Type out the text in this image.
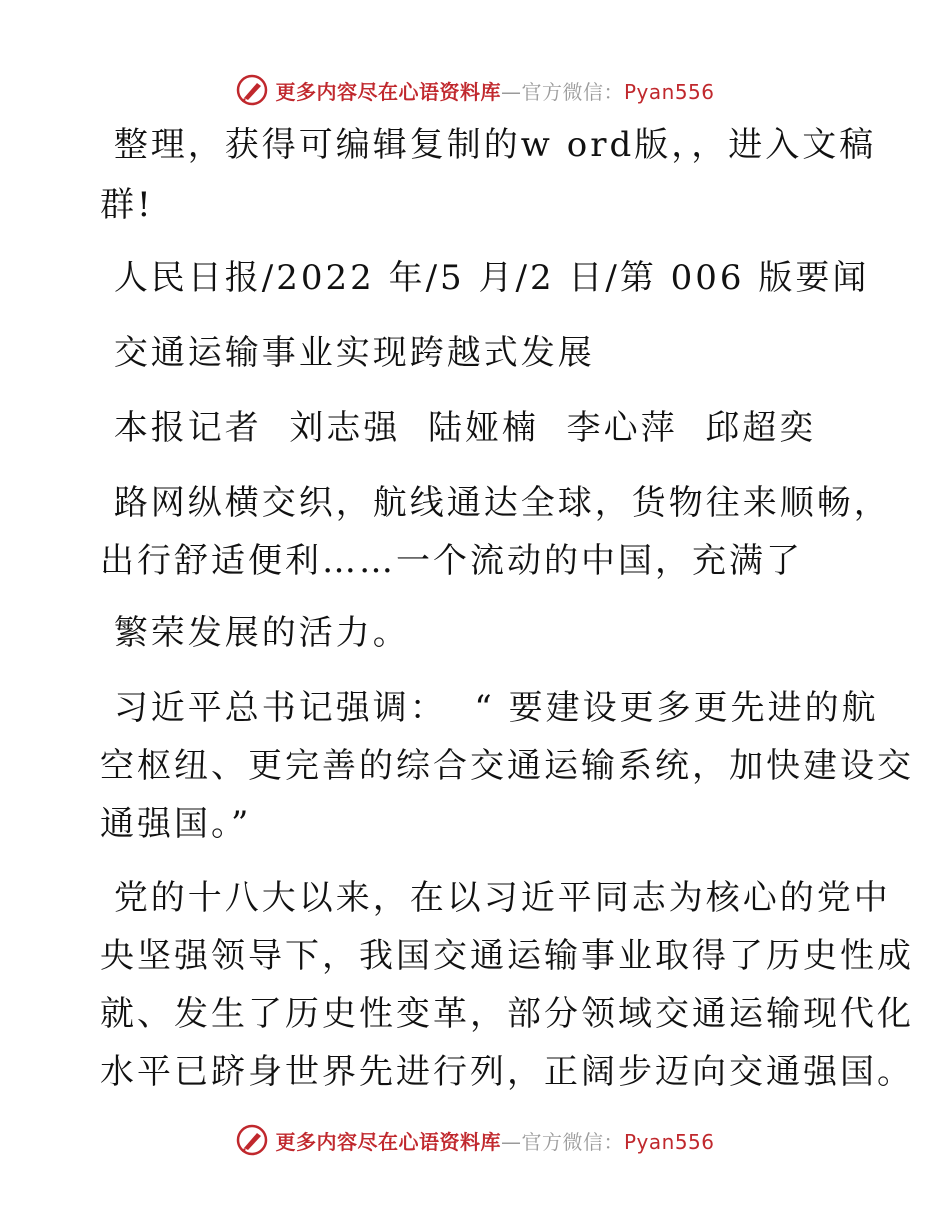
更多内容尽在心语资料库—官方微信：Pyan556

整理，获得可编辑复制的w ord版，，进入文稿

群!

人民日报/2022 年/5 月/2 日/第 006 版要闻

交通运输事业实现跨越式发展

本报记者  刘志强  陆娅楠  李心萍  邱超奕

路网纵横交织，航线通达全球，货物往来顺畅，

出行舒适便利……一个流动的中国，充满了

繁荣发展的活力。

习近平总书记强调：  “ 要建设更多更先进的航

空枢纽、更完善的综合交通运输系统，加快建设交

通强国。”

党的十八大以来，在以习近平同志为核心的党中

央坚强领导下，我国交通运输事业取得了历史性成

就、发生了历史性变革，部分领域交通运输现代化

水平已跻身世界先进行列，正阔步迈向交通强国。

更多内容尽在心语资料库—官方微信：Pyan556
